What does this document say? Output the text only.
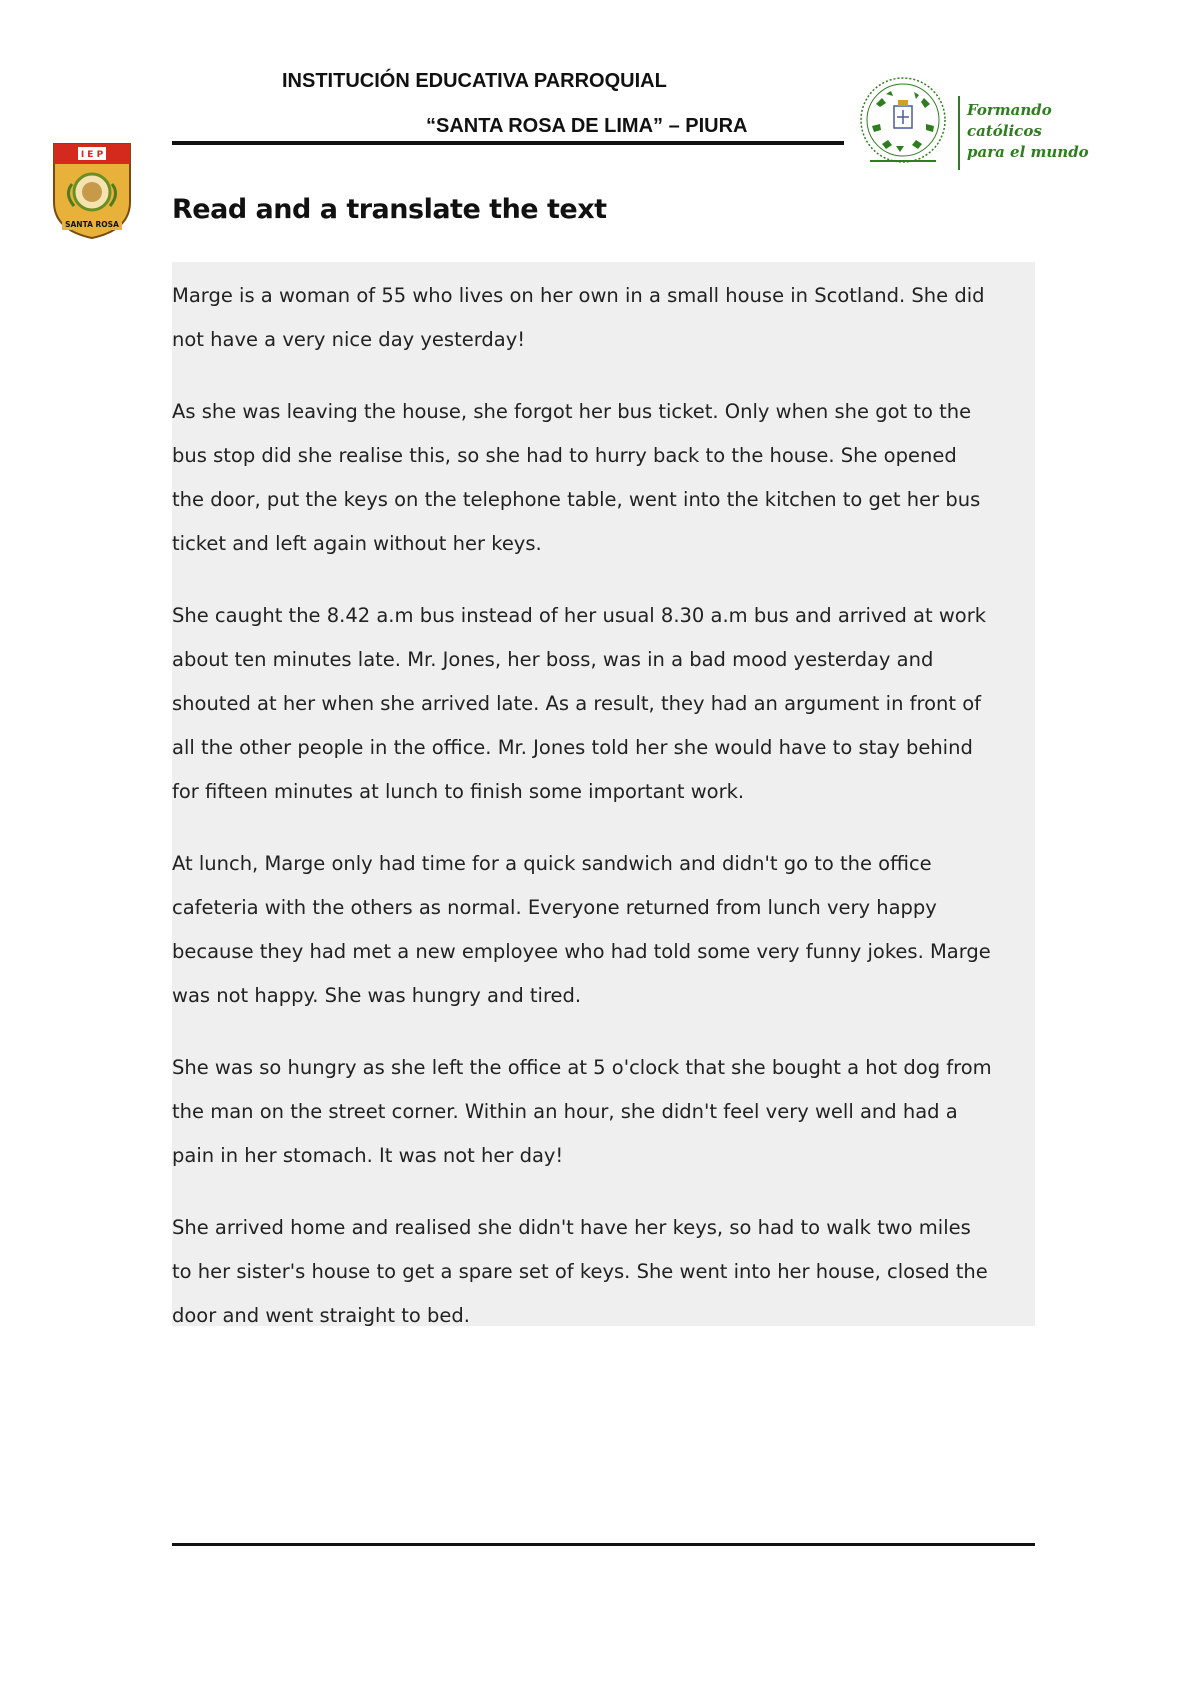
INSTITUCIÓN EDUCATIVA PARROQUIAL
“SANTA ROSA DE LIMA” – PIURA
I E P
SANTA ROSA
Formando
católicos
para el mundo
Read and a translate the text

Marge is a woman of 55 who lives on her own in a small house in Scotland. She did
not have a very nice day yesterday!

As she was leaving the house, she forgot her bus ticket. Only when she got to the
bus stop did she realise this, so she had to hurry back to the house. She opened
the door, put the keys on the telephone table, went into the kitchen to get her bus
ticket and left again without her keys.

She caught the 8.42 a.m bus instead of her usual 8.30 a.m bus and arrived at work
about ten minutes late. Mr. Jones, her boss, was in a bad mood yesterday and
shouted at her when she arrived late. As a result, they had an argument in front of
all the other people in the office. Mr. Jones told her she would have to stay behind
for fifteen minutes at lunch to finish some important work.

At lunch, Marge only had time for a quick sandwich and didn't go to the office
cafeteria with the others as normal. Everyone returned from lunch very happy
because they had met a new employee who had told some very funny jokes. Marge
was not happy. She was hungry and tired.

She was so hungry as she left the office at 5 o'clock that she bought a hot dog from
the man on the street corner. Within an hour, she didn't feel very well and had a
pain in her stomach. It was not her day!

She arrived home and realised she didn't have her keys, so had to walk two miles
to her sister's house to get a spare set of keys. She went into her house, closed the
door and went straight to bed.
